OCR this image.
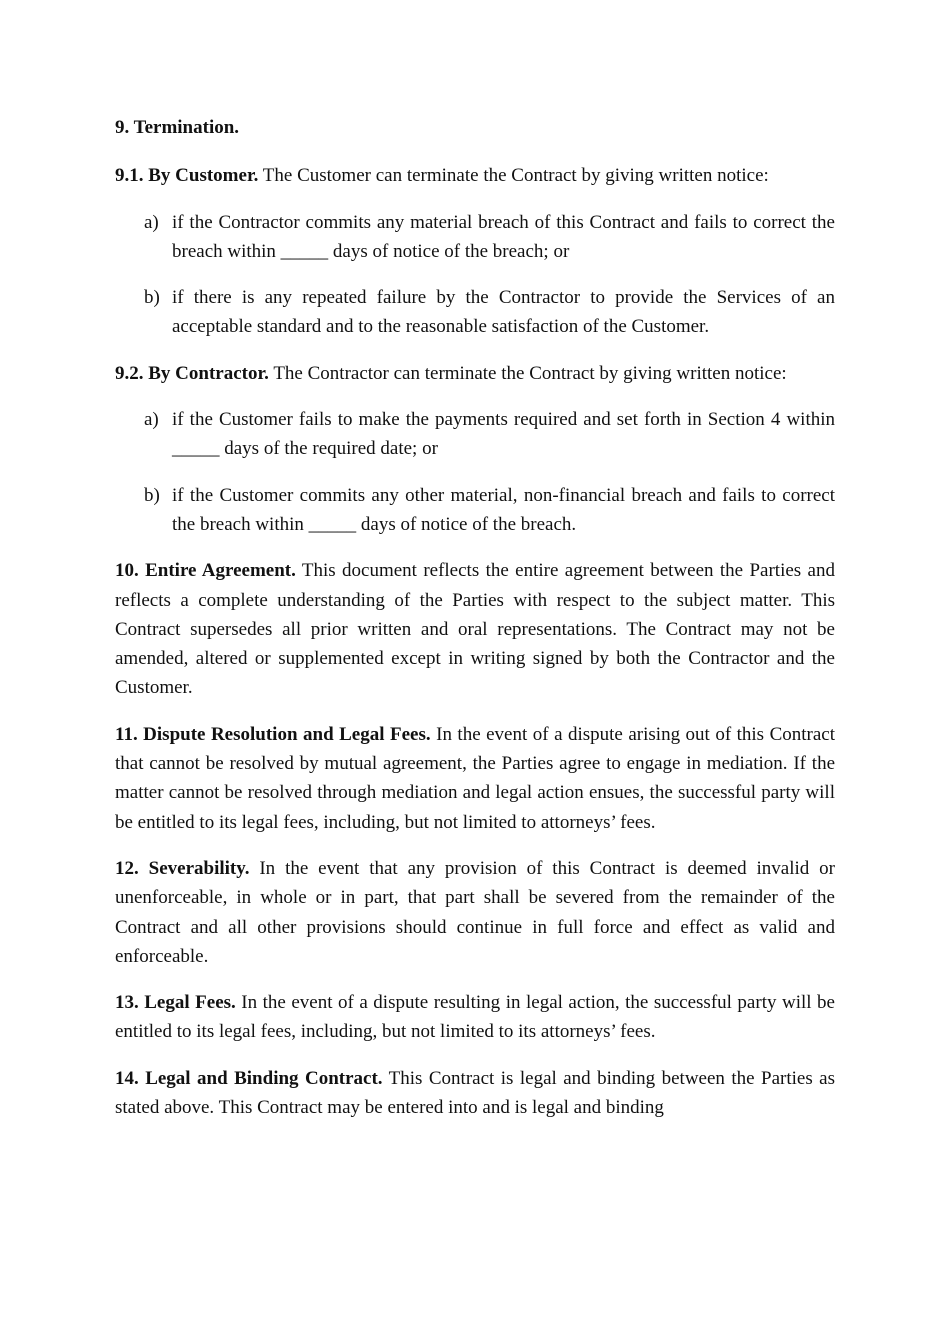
9. Termination.

9.1. By Customer. The Customer can terminate the Contract by giving written notice:

a) if the Contractor commits any material breach of this Contract and fails to correct the breach within _____ days of notice of the breach; or
b) if there is any repeated failure by the Contractor to provide the Services of an acceptable standard and to the reasonable satisfaction of the Customer.

9.2. By Contractor. The Contractor can terminate the Contract by giving written notice:

a) if the Customer fails to make the payments required and set forth in Section 4 within _____ days of the required date; or
b) if the Customer commits any other material, non-financial breach and fails to correct the breach within _____ days of notice of the breach.

10. Entire Agreement. This document reflects the entire agreement between the Parties and reflects a complete understanding of the Parties with respect to the subject matter. This Contract supersedes all prior written and oral representations. The Contract may not be amended, altered or supplemented except in writing signed by both the Contractor and the Customer.

11. Dispute Resolution and Legal Fees. In the event of a dispute arising out of this Contract that cannot be resolved by mutual agreement, the Parties agree to engage in mediation. If the matter cannot be resolved through mediation and legal action ensues, the successful party will be entitled to its legal fees, including, but not limited to attorneys’ fees.

12. Severability. In the event that any provision of this Contract is deemed invalid or unenforceable, in whole or in part, that part shall be severed from the remainder of the Contract and all other provisions should continue in full force and effect as valid and enforceable.

13. Legal Fees. In the event of a dispute resulting in legal action, the successful party will be entitled to its legal fees, including, but not limited to its attorneys’ fees.

14. Legal and Binding Contract. This Contract is legal and binding between the Parties as stated above. This Contract may be entered into and is legal and binding
